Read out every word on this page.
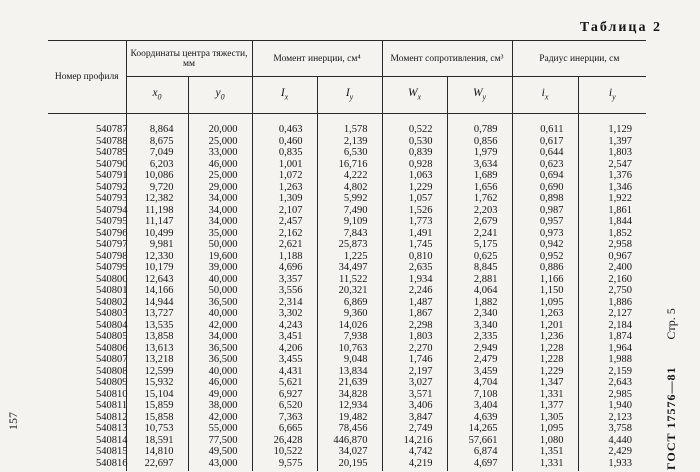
Таблица 2
Номер профиля	Координаты центра тяжести, мм		Момент инерции, см⁴		Момент сопротивления, см³		Радиус инерции, см	
	$x_0$	$y_0$	$I_x$	$I_y$	$W_x$	$W_y$	$i_x$	$i_y$

540787	8,864	20,000	0,463	1,578	0,522	0,789	0,611	1,129
540788	8,675	25,000	0,460	2,139	0,530	0,856	0,617	1,397
540789	7,049	33,000	0,835	6,530	0,839	1,979	0,644	1,803
540790	6,203	46,000	1,001	16,716	0,928	3,634	0,623	2,547
540791	10,086	25,000	1,072	4,222	1,063	1,689	0,694	1,376
540792	9,720	29,000	1,263	4,802	1,229	1,656	0,690	1,346
540793	12,382	34,000	1,309	5,992	1,057	1,762	0,898	1,922
540794	11,198	34,000	2,107	7,490	1,526	2,203	0,987	1,861
540795	11,147	34,000	2,457	9,109	1,773	2,679	0,957	1,844
540796	10,499	35,000	2,162	7,843	1,491	2,241	0,973	1,852
540797	9,981	50,000	2,621	25,873	1,745	5,175	0,942	2,958
540798	12,330	19,600	1,188	1,225	0,810	0,625	0,952	0,967
540799	10,179	39,000	4,696	34,497	2,635	8,845	0,886	2,400
540800	12,643	40,000	3,357	11,522	1,934	2,881	1,166	2,160
540801	14,166	50,000	3,556	20,321	2,246	4,064	1,150	2,750
540802	14,944	36,500	2,314	6,869	1,487	1,882	1,095	1,886
540803	13,727	40,000	3,302	9,360	1,867	2,340	1,263	2,127
540804	13,535	42,000	4,243	14,026	2,298	3,340	1,201	2,184
540805	13,858	34,000	3,451	7,938	1,803	2,335	1,236	1,874
540806	13,613	36,500	4,206	10,763	2,270	2,949	1,228	1,964
540807	13,218	36,500	3,455	9,048	1,746	2,479	1,228	1,988
540808	12,599	40,000	4,431	13,834	2,197	3,459	1,229	2,159
540809	15,932	46,000	5,621	21,639	3,027	4,704	1,347	2,643
540810	15,104	49,000	6,927	34,828	3,571	7,108	1,331	2,985
540811	15,859	38,000	6,520	12,934	3,406	3,404	1,377	1,940
540812	15,858	42,000	7,363	19,482	3,847	4,639	1,305	2,123
540813	10,753	55,000	6,665	78,456	2,749	14,265	1,095	3,758
540814	18,591	77,500	26,428	446,870	14,216	57,661	1,080	4,440
540815	14,810	49,500	10,522	34,027	4,742	6,874	1,351	2,429
540816	22,697	43,000	9,575	20,195	4,219	4,697	1,331	1,933	ГОСТ 17576—81 Стр. 5
157
